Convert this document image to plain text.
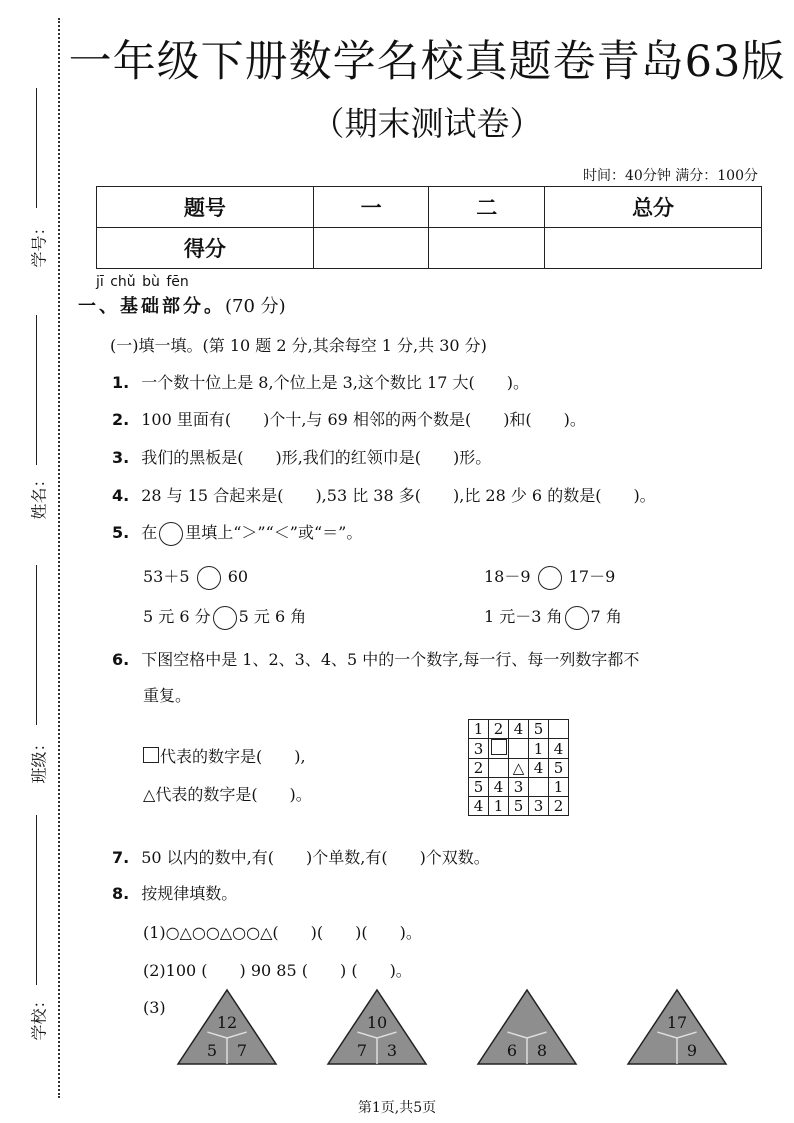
学号：
姓名：
班级：
学校：
一年级下册数学名校真题卷青岛63版
（期末测试卷）
时间：40分钟 满分：100分
题号	一	二	总分
得分			
jī chǔ bù fēn
一、基础部分。(70 分)
(一)填一填。(第 10 题 2 分,其余每空 1 分,共 30 分)
1. 一个数十位上是 8,个位上是 3,这个数比 17 大(　　)。
2. 100 里面有(　　)个十,与 69 相邻的两个数是(　　)和(　　)。
3. 我们的黑板是(　　)形,我们的红领巾是(　　)形。
4. 28 与 15 合起来是(　　),53 比 38 多(　　),比 28 少 6 的数是(　　)。
5. 在 里填上“＞”“＜”或“＝”。
53＋5 60	18－9 17－9
5 元 6 分 5 元 6 角	1 元－3 角 7 角
6. 下图空格中是 1、2、3、4、5 中的一个数字,每一行、每一列数字都不
重复。
代表的数字是(　　),
△代表的数字是(　　)。
1	2	4	5	
3			1	4
2		△	4	5
5	4	3		1
4	1	5	3	2
7. 50 以内的数中,有(　　)个单数,有(　　)个双数。
8. 按规律填数。
(1)○△○○△○○△(　　)(　　)(　　)。
(2)100 (　　) 90 85 (　　) (　　)。
(3)
12
5 7
10
7 3	6 8
17
9
第1页,共5页
